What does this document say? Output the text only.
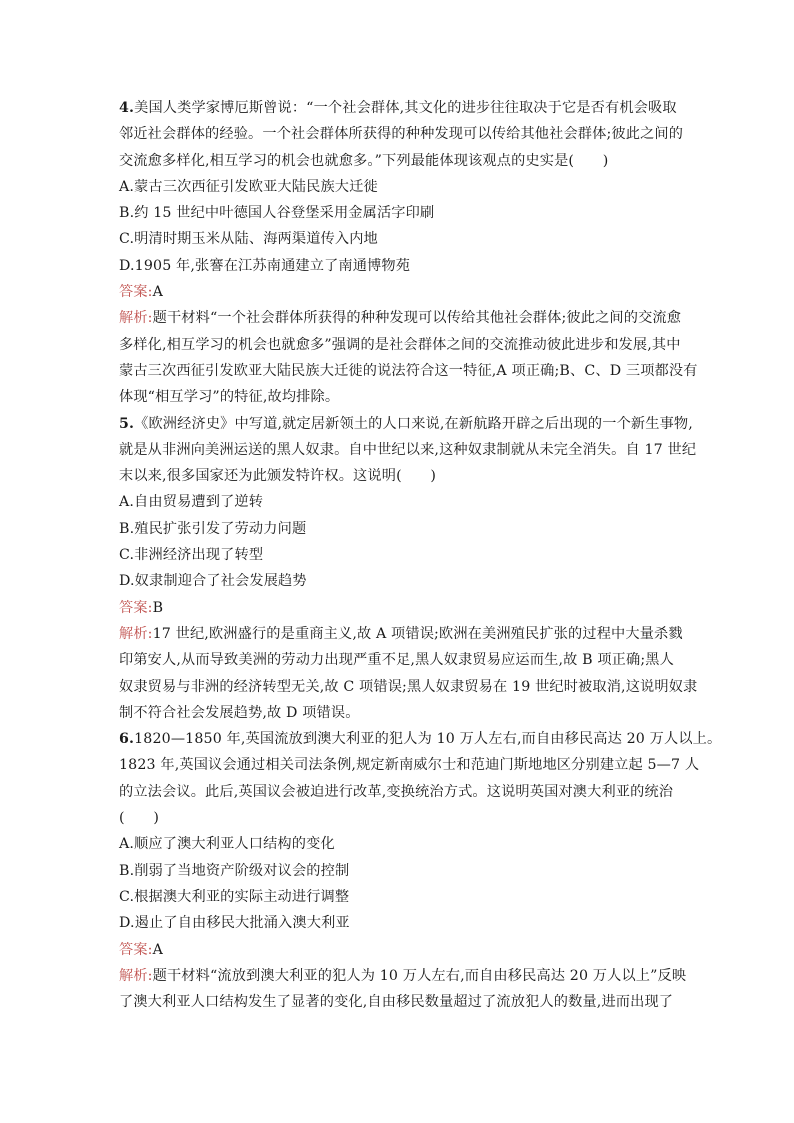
4.美国人类学家博厄斯曾说：“一个社会群体,其文化的进步往往取决于它是否有机会吸取
邻近社会群体的经验。一个社会群体所获得的种种发现可以传给其他社会群体;彼此之间的
交流愈多样化,相互学习的机会也就愈多。”下列最能体现该观点的史实是(　　)
A.蒙古三次西征引发欧亚大陆民族大迁徙
B.约 15 世纪中叶德国人谷登堡采用金属活字印刷
C.明清时期玉米从陆、海两渠道传入内地
D.1905 年,张謇在江苏南通建立了南通博物苑
答案:A
解析:题干材料“一个社会群体所获得的种种发现可以传给其他社会群体;彼此之间的交流愈
多样化,相互学习的机会也就愈多”强调的是社会群体之间的交流推动彼此进步和发展,其中
蒙古三次西征引发欧亚大陆民族大迁徙的说法符合这一特征,A 项正确;B、C、D 三项都没有
体现“相互学习”的特征,故均排除。
5.《欧洲经济史》中写道,就定居新领土的人口来说,在新航路开辟之后出现的一个新生事物,
就是从非洲向美洲运送的黑人奴隶。自中世纪以来,这种奴隶制就从未完全消失。自 17 世纪
末以来,很多国家还为此颁发特许权。这说明(　　)
A.自由贸易遭到了逆转
B.殖民扩张引发了劳动力问题
C.非洲经济出现了转型
D.奴隶制迎合了社会发展趋势
答案:B
解析:17 世纪,欧洲盛行的是重商主义,故 A 项错误;欧洲在美洲殖民扩张的过程中大量杀戮
印第安人,从而导致美洲的劳动力出现严重不足,黑人奴隶贸易应运而生,故 B 项正确;黑人
奴隶贸易与非洲的经济转型无关,故 C 项错误;黑人奴隶贸易在 19 世纪时被取消,这说明奴隶
制不符合社会发展趋势,故 D 项错误。
6.1820—1850 年,英国流放到澳大利亚的犯人为 10 万人左右,而自由移民高达 20 万人以上。
1823 年,英国议会通过相关司法条例,规定新南威尔士和范迪门斯地地区分别建立起 5—7 人
的立法会议。此后,英国议会被迫进行改革,变换统治方式。这说明英国对澳大利亚的统治
(　　)
A.顺应了澳大利亚人口结构的变化
B.削弱了当地资产阶级对议会的控制
C.根据澳大利亚的实际主动进行调整
D.遏止了自由移民大批涌入澳大利亚
答案:A
解析:题干材料“流放到澳大利亚的犯人为 10 万人左右,而自由移民高达 20 万人以上”反映
了澳大利亚人口结构发生了显著的变化,自由移民数量超过了流放犯人的数量,进而出现了
